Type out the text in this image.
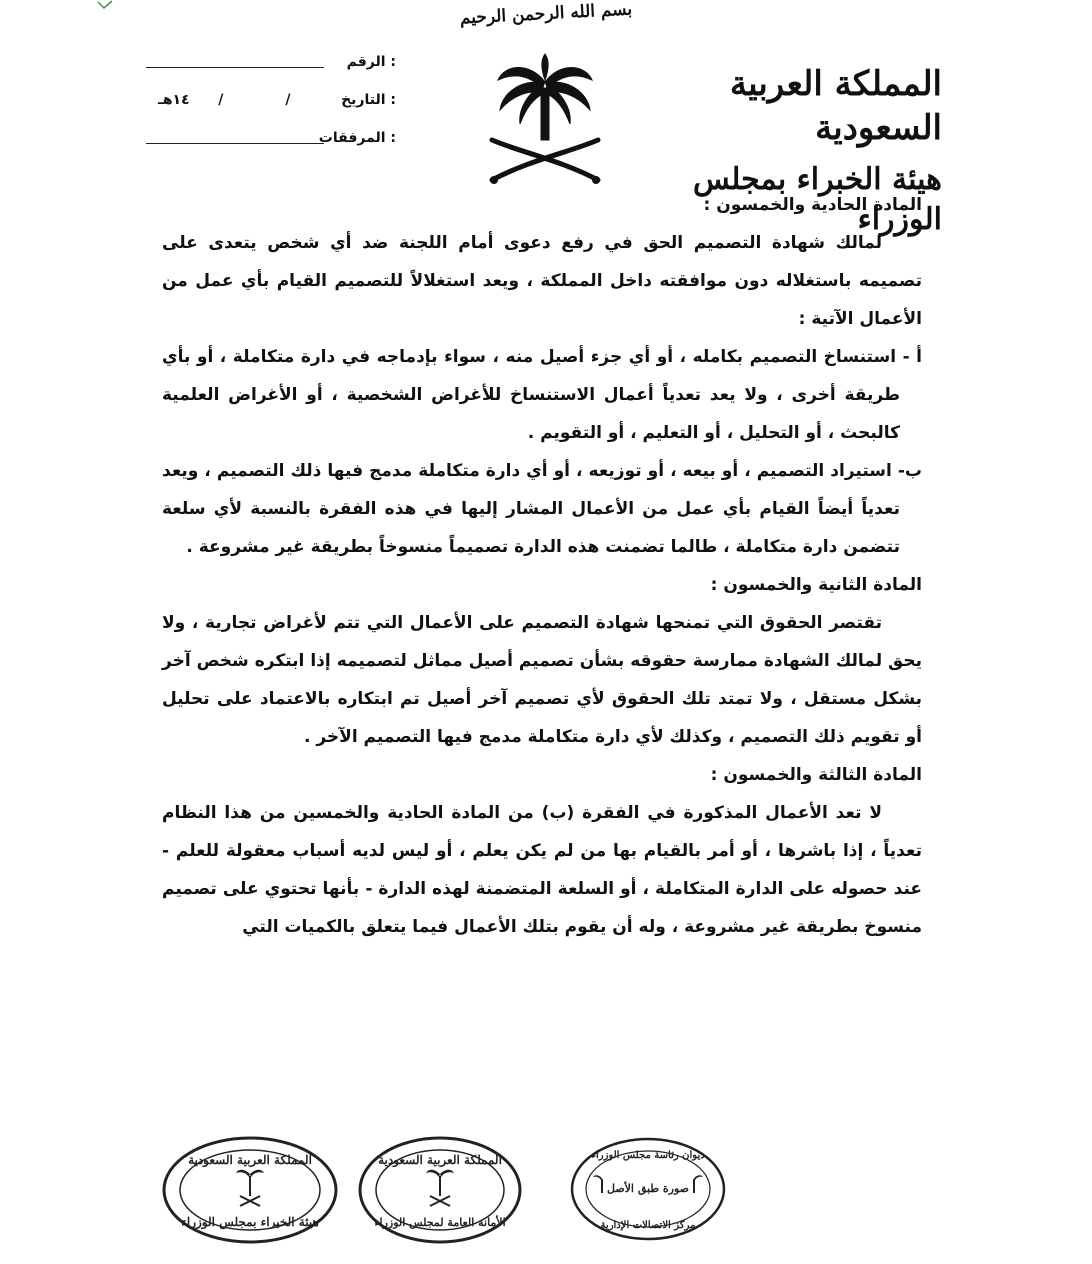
بسم الله الرحمن الرحيم
المملكة العربية السعودية
هيئة الخبراء بمجلس الوزراء
الرقم :
التاريخ :

/

/
١٤هـ
المرفقات :

المادة الحادية والخمسون :

لمالك شهادة التصميم الحق في رفع دعوى أمام اللجنة ضد أي شخص يتعدى على تصميمه باستغلاله دون موافقته داخل المملكة ، ويعد استغلالاً للتصميم القيام بأي عمل من الأعمال الآتية :

أ - استنساخ التصميم بكامله ، أو أي جزء أصيل منه ، سواء بإدماجه في دارة متكاملة ، أو بأي طريقة أخرى ، ولا يعد تعدياً أعمال الاستنساخ للأغراض الشخصية ، أو الأغراض العلمية كالبحث ، أو التحليل ، أو التعليم ، أو التقويم .

ب- استيراد التصميم ، أو بيعه ، أو توزيعه ، أو أي دارة متكاملة مدمج فيها ذلك التصميم ، ويعد تعدياً أيضاً القيام بأي عمل من الأعمال المشار إليها في هذه الفقرة بالنسبة لأي سلعة تتضمن دارة متكاملة ، طالما تضمنت هذه الدارة تصميماً منسوخاً بطريقة غير مشروعة .

المادة الثانية والخمسون :

تقتصر الحقوق التي تمنحها شهادة التصميم على الأعمال التي تتم لأغراض تجارية ، ولا يحق لمالك الشهادة ممارسة حقوقه بشأن تصميم أصيل مماثل لتصميمه إذا ابتكره شخص آخر بشكل مستقل ، ولا تمتد تلك الحقوق لأي تصميم آخر أصيل تم ابتكاره بالاعتماد على تحليل أو تقويم ذلك التصميم ، وكذلك لأي دارة متكاملة مدمج فيها التصميم الآخر .

المادة الثالثة والخمسون :

لا تعد الأعمال المذكورة في الفقرة (ب) من المادة الحادية والخمسين من هذا النظام تعدياً ، إذا باشرها ، أو أمر بالقيام بها من لم يكن يعلم ، أو ليس لديه أسباب معقولة للعلم - عند حصوله على الدارة المتكاملة ، أو السلعة المتضمنة لهذه الدارة - بأنها تحتوي على تصميم منسوخ بطريقة غير مشروعة ، وله أن يقوم بتلك الأعمال فيما يتعلق بالكميات التي

المملكة العربية السعودية
هيئة الخبراء بمجلس الوزراء
المملكة العربية السعودية
الأمانة العامة لمجلس الوزراء
ديوان رئاسة مجلس الوزراء
صورة طبق الأصل
مركز الاتصالات الإدارية
